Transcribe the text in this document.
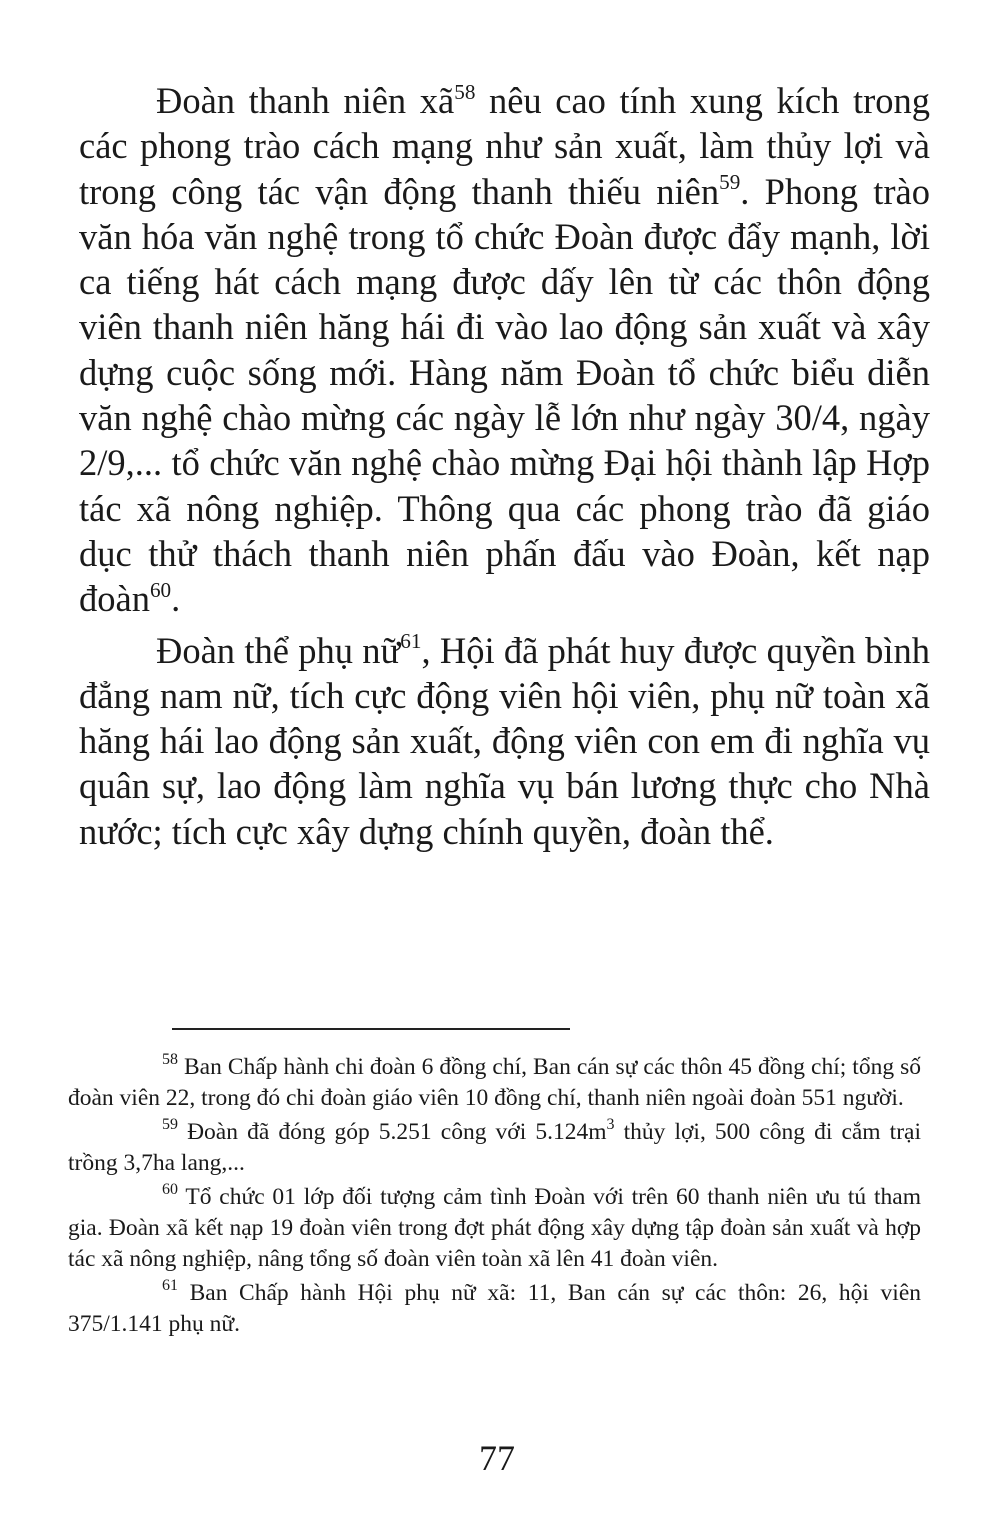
Đoàn thanh niên $xã^{58}$ nêu cao tính xung kích trong các phong trào cách mạng như sản xuất, làm thủy lợi và trong công tác vận động thanh thiếu niên$^{59}$. Phong trào văn hóa văn nghệ trong tổ chức Đoàn được đẩy mạnh, lời ca tiếng hát cách mạng được dấy lên từ các thôn động viên thanh niên hăng hái đi vào lao động sản xuất và xây dựng cuộc sống mới. Hàng năm Đoàn tổ chức biểu diễn văn nghệ chào mừng các ngày lễ lớn như ngày 30/4, ngày 2/9,... tổ chức văn nghệ chào mừng Đại hội thành lập Hợp tác xã nông nghiệp. Thông qua các phong trào đã giáo dục thử thách thanh niên phấn đấu vào Đoàn, kết nạp đoàn$^{60}$.

Đoàn thể phụ nữ$^{61}$, Hội đã phát huy được quyền bình đẳng nam nữ, tích cực động viên hội viên, phụ nữ toàn xã hăng hái lao động sản xuất, động viên con em đi nghĩa vụ quân sự, lao động làm nghĩa vụ bán lương thực cho Nhà nước; tích cực xây dựng chính quyền, đoàn thể.

$^{58}$ Ban Chấp hành chi đoàn 6 đồng chí, Ban cán sự các thôn 45 đồng chí; tổng số đoàn viên 22, trong đó chi đoàn giáo viên 10 đồng chí, thanh niên ngoài đoàn 551 người.

$^{59}$ Đoàn đã đóng góp 5.251 công với $5.124m^3$ thủy lợi, 500 công đi cắm trại trồng 3,7ha lang,...

$^{60}$ Tổ chức 01 lớp đối tượng cảm tình Đoàn với trên 60 thanh niên ưu tú tham gia. Đoàn xã kết nạp 19 đoàn viên trong đợt phát động xây dựng tập đoàn sản xuất và hợp tác xã nông nghiệp, nâng tổng số đoàn viên toàn xã lên 41 đoàn viên.

$^{61}$ Ban Chấp hành Hội phụ nữ xã: 11, Ban cán sự các thôn: 26, hội viên 375/1.141 phụ nữ.

77
